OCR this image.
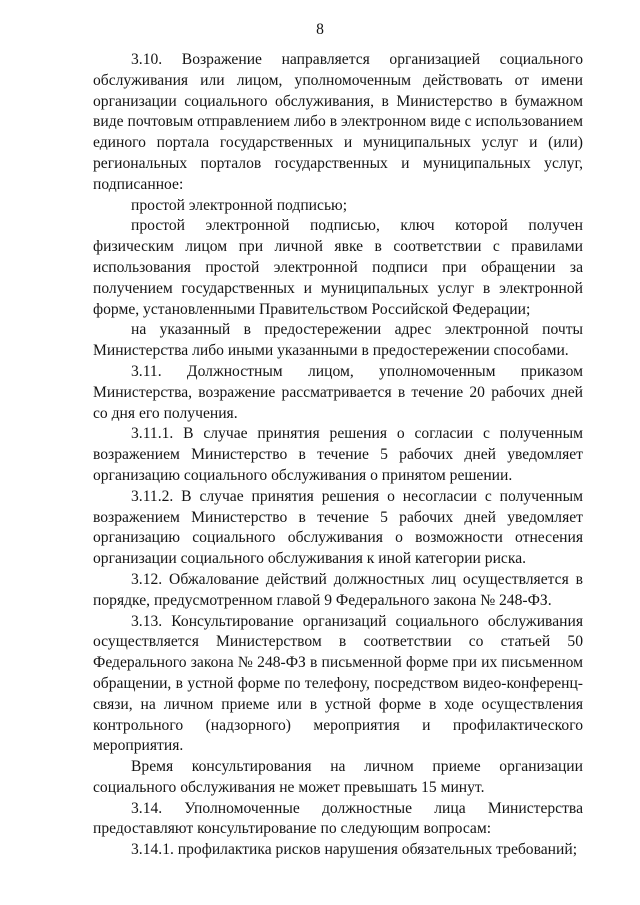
8

3.10. Возражение направляется организацией социального обслуживания или лицом, уполномоченным действовать от имени организации социального обслуживания, в Министерство в бумажном виде почтовым отправлением либо в электронном виде с использованием единого портала государственных и муниципальных услуг и (или) региональных порталов государственных и муниципальных услуг, подписанное:

простой электронной подписью;

простой электронной подписью, ключ которой получен физическим лицом при личной явке в соответствии с правилами использования простой электронной подписи при обращении за получением государственных и муниципальных услуг в электронной форме, установленными Правительством Российской Федерации;

на указанный в предостережении адрес электронной почты Министерства либо иными указанными в предостережении способами.

3.11. Должностным лицом, уполномоченным приказом Министерства, возражение рассматривается в течение 20 рабочих дней со дня его получения.

3.11.1. В случае принятия решения о согласии с полученным возражением Министерство в течение 5 рабочих дней уведомляет организацию социального обслуживания о принятом решении.

3.11.2. В случае принятия решения о несогласии с полученным возражением Министерство в течение 5 рабочих дней уведомляет организацию социального обслуживания о возможности отнесения организации социального обслуживания к иной категории риска.

3.12. Обжалование действий должностных лиц осуществляется в порядке, предусмотренном главой 9 Федерального закона № 248-ФЗ.

3.13. Консультирование организаций социального обслуживания осуществляется Министерством в соответствии со статьей 50 Федерального закона № 248-ФЗ в письменной форме при их письменном обращении, в устной форме по телефону, посредством видео-конференц-связи, на личном приеме или в устной форме в ходе осуществления контрольного (надзорного) мероприятия и профилактического мероприятия.

Время консультирования на личном приеме организации социального обслуживания не может превышать 15 минут.

3.14. Уполномоченные должностные лица Министерства предоставляют консультирование по следующим вопросам:

3.14.1. профилактика рисков нарушения обязательных требований;
